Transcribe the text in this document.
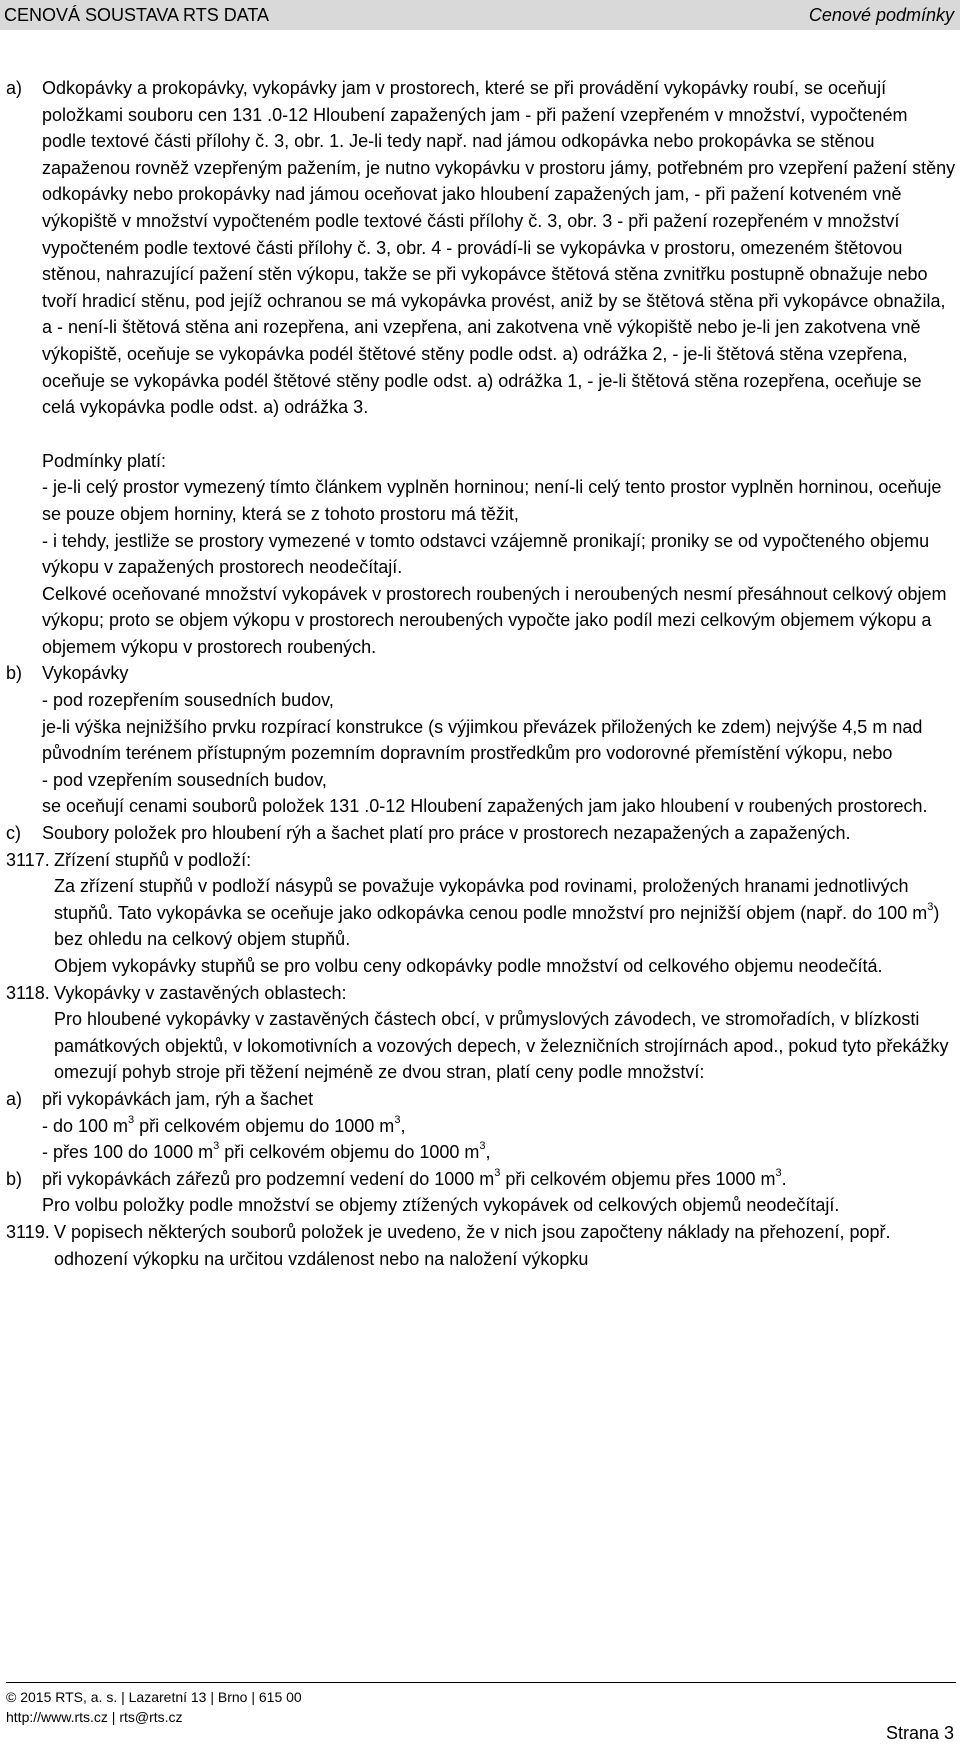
CENOVÁ SOUSTAVA RTS DATA	Cenové podmínky
a)	Odkopávky a prokopávky, vykopávky jam v prostorech, které se při provádění vykopávky roubí, se oceňují položkami souboru cen 131 .0-12 Hloubení zapažených jam - při pažení vzepřeném v množství, vypočteném podle textové části přílohy č. 3, obr. 1. Je-li tedy např. nad jámou odkopávka nebo prokopávka se stěnou zapaženou rovněž vzepřeným pažením, je nutno vykopávku v prostoru jámy, potřebném pro vzepření pažení stěny odkopávky nebo prokopávky nad jámou oceňovat jako hloubení zapažených jam, - při pažení kotveném vně výkopiště v množství vypočteném podle textové části přílohy č. 3, obr. 3 - při pažení rozepřeném v množství vypočteném podle textové části přílohy č. 3, obr. 4 - provádí-li se vykopávka v prostoru, omezeném štětovou stěnou, nahrazující pažení stěn výkopu, takže se při vykopávce štětová stěna zvnitřku postupně obnažuje nebo tvoří hradicí stěnu, pod jejíž ochranou se má vykopávka provést, aniž by se štětová stěna při vykopávce obnažila, a - není-li štětová stěna ani rozepřena, ani vzepřena, ani zakotvena vně výkopiště nebo je-li jen zakotvena vně výkopiště, oceňuje se vykopávka podél štětové stěny podle odst. a) odrážka 2, - je-li štětová stěna vzepřena, oceňuje se vykopávka podél štětové stěny podle odst. a) odrážka 1, - je-li štětová stěna rozepřena, oceňuje se celá vykopávka podle odst. a) odrážka 3.
Podmínky platí:
- je-li celý prostor vymezený tímto článkem vyplněn horninou; není-li celý tento prostor vyplněn horninou, oceňuje se pouze objem horniny, která se z tohoto prostoru má těžit,
- i tehdy, jestliže se prostory vymezené v tomto odstavci vzájemně pronikají; proniky se od vypočteného objemu výkopu v zapažených prostorech neodečítají.
Celkové oceňované množství vykopávek v prostorech roubených i neroubených nesmí přesáhnout celkový objem výkopu; proto se objem výkopu v prostorech neroubených vypočte jako podíl mezi celkovým objemem výkopu a objemem výkopu v prostorech roubených.
b)	Vykopávky
- pod rozepřením sousedních budov,
je-li výška nejnižšího prvku rozpírací konstrukce (s výjimkou převázek přiložených ke zdem) nejvýše 4,5 m nad původním terénem přístupným pozemním dopravním prostředkům pro vodorovné přemístění výkopu, nebo
- pod vzepřením sousedních budov,
se oceňují cenami souborů položek 131 .0-12 Hloubení zapažených jam jako hloubení v roubených prostorech.
c)	Soubory položek pro hloubení rýh a šachet platí pro práce v prostorech nezapažených a zapažených.
3117. Zřízení stupňů v podloží:
Za zřízení stupňů v podloží násypů se považuje vykopávka pod rovinami, proložených hranami jednotlivých stupňů. Tato vykopávka se oceňuje jako odkopávka cenou podle množství pro nejnižší objem (např. do 100 $m^3$) bez ohledu na celkový objem stupňů.
Objem vykopávky stupňů se pro volbu ceny odkopávky podle množství od celkového objemu neodečítá.
3118. Vykopávky v zastavěných oblastech:
Pro hloubené vykopávky v zastavěných částech obcí, v průmyslových závodech, ve stromořadích, v blízkosti památkových objektů, v lokomotivních a vozových depech, v železničních strojírnách apod., pokud tyto překážky omezují pohyb stroje při těžení nejméně ze dvou stran, platí ceny podle množství:
a)	při vykopávkách jam, rýh a šachet
- do 100 $m^3$ při celkovém objemu do 1000 $m^3$,
- přes 100 do 1000 $m^3$ při celkovém objemu do 1000 $m^3$,
b)	při vykopávkách zářezů pro podzemní vedení do 1000 $m^3$ při celkovém objemu přes 1000 $m^3$.
Pro volbu položky podle množství se objemy ztížených vykopávek od celkových objemů neodečítají.
3119. V popisech některých souborů položek je uvedeno, že v nich jsou započteny náklady na přehození, popř. odhození výkopku na určitou vzdálenost nebo na naložení výkopku
© 2015 RTS, a. s. | Lazaretní 13 | Brno | 615 00
http://www.rts.cz | rts@rts.cz
Strana 3
